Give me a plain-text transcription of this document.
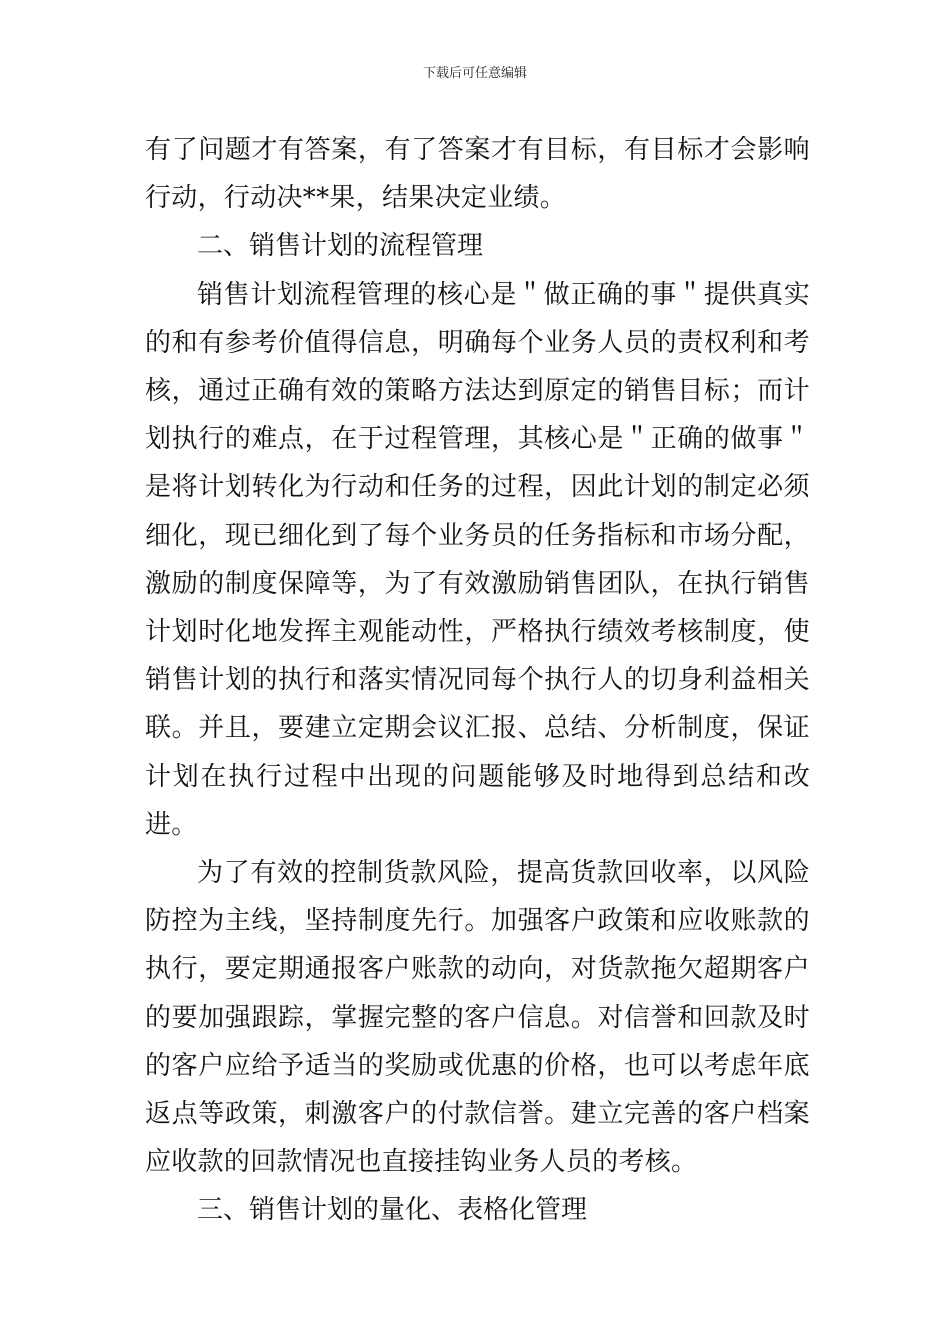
下载后可任意编辑

有了问题才有答案，有了答案才有目标，有目标才会影响行动，行动决**果，结果决定业绩。

二、销售计划的流程管理

销售计划流程管理的核心是＂做正确的事＂提供真实的和有参考价值得信息，明确每个业务人员的责权利和考核，通过正确有效的策略方法达到原定的销售目标；而计划执行的难点，在于过程管理，其核心是＂正确的做事＂是将计划转化为行动和任务的过程，因此计划的制定必须细化，现已细化到了每个业务员的任务指标和市场分配，激励的制度保障等，为了有效激励销售团队，在执行销售计划时化地发挥主观能动性，严格执行绩效考核制度，使销售计划的执行和落实情况同每个执行人的切身利益相关联。并且，要建立定期会议汇报、总结、分析制度，保证计划在执行过程中出现的问题能够及时地得到总结和改进。

为了有效的控制货款风险，提高货款回收率，以风险防控为主线，坚持制度先行。加强客户政策和应收账款的执行，要定期通报客户账款的动向，对货款拖欠超期客户的要加强跟踪，掌握完整的客户信息。对信誉和回款及时的客户应给予适当的奖励或优惠的价格，也可以考虑年底返点等政策，刺激客户的付款信誉。建立完善的客户档案应收款的回款情况也直接挂钩业务人员的考核。

三、销售计划的量化、表格化管理
